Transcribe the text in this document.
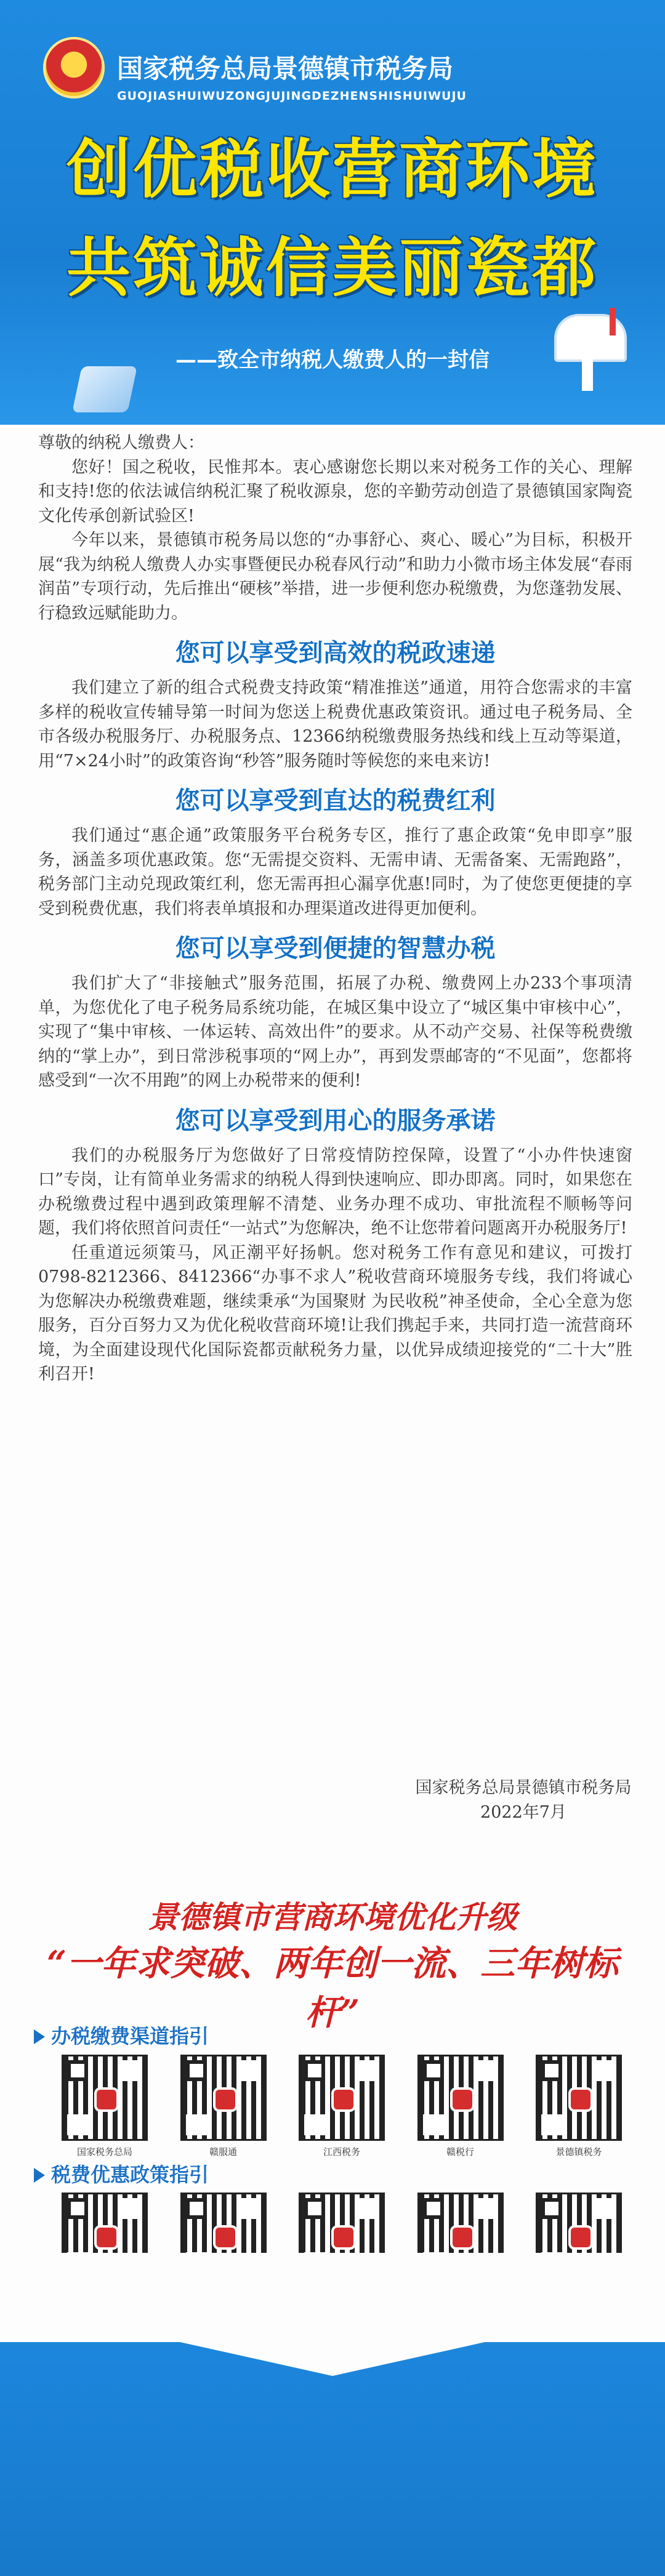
国家税务总局景德镇市税务局
GUOJIASHUIWUZONGJUJINGDEZHENSHISHUIWUJU
创优税收营商环境
共筑诚信美丽瓷都
——致全市纳税人缴费人的一封信

尊敬的纳税人缴费人：

您好！国之税收，民惟邦本。衷心感谢您长期以来对税务工作的关心、理解和支持!您的依法诚信纳税汇聚了税收源泉，您的辛勤劳动创造了景德镇国家陶瓷文化传承创新试验区!

今年以来，景德镇市税务局以您的“办事舒心、爽心、暖心”为目标，积极开展“我为纳税人缴费人办实事暨便民办税春风行动”和助力小微市场主体发展“春雨润苗”专项行动，先后推出“硬核”举措，进一步便利您办税缴费，为您蓬勃发展、行稳致远赋能助力。

您可以享受到高效的税政速递

我们建立了新的组合式税费支持政策“精准推送”通道，用符合您需求的丰富多样的税收宣传辅导第一时间为您送上税费优惠政策资讯。通过电子税务局、全市各级办税服务厅、办税服务点、12366纳税缴费服务热线和线上互动等渠道，用“7×24小时”的政策咨询“秒答”服务随时等候您的来电来访!

您可以享受到直达的税费红利

我们通过“惠企通”政策服务平台税务专区，推行了惠企政策“免申即享”服务，涵盖多项优惠政策。您“无需提交资料、无需申请、无需备案、无需跑路”，税务部门主动兑现政策红利，您无需再担心漏享优惠!同时，为了使您更便捷的享受到税费优惠，我们将表单填报和办理渠道改进得更加便利。

您可以享受到便捷的智慧办税

我们扩大了“非接触式”服务范围，拓展了办税、缴费网上办233个事项清单，为您优化了电子税务局系统功能，在城区集中设立了“城区集中审核中心”，实现了“集中审核、一体运转、高效出件”的要求。从不动产交易、社保等税费缴纳的“掌上办”，到日常涉税事项的“网上办”，再到发票邮寄的“不见面”，您都将感受到“一次不用跑”的网上办税带来的便利!

您可以享受到用心的服务承诺

我们的办税服务厅为您做好了日常疫情防控保障，设置了“小办件快速窗口”专岗，让有简单业务需求的纳税人得到快速响应、即办即离。同时，如果您在办税缴费过程中遇到政策理解不清楚、业务办理不成功、审批流程不顺畅等问题，我们将依照首问责任“一站式”为您解决，绝不让您带着问题离开办税服务厅!

任重道远须策马，风正潮平好扬帆。您对税务工作有意见和建议，可拨打0798-8212366、8412366“办事不求人”税收营商环境服务专线，我们将诚心为您解决办税缴费难题，继续秉承“为国聚财 为民收税”神圣使命，全心全意为您服务，百分百努力又为优化税收营商环境!让我们携起手来，共同打造一流营商环境，为全面建设现代化国际瓷都贡献税务力量，以优异成绩迎接党的“二十大”胜利召开!

国家税务总局景德镇市税务局
2022年7月
景德镇市营商环境优化升级
“一年求突破、两年创一流、三年树标杆”
办税缴费渠道指引
国家税务总局	赣服通	江西税务	赣税行	景德镇税务
税费优惠政策指引
